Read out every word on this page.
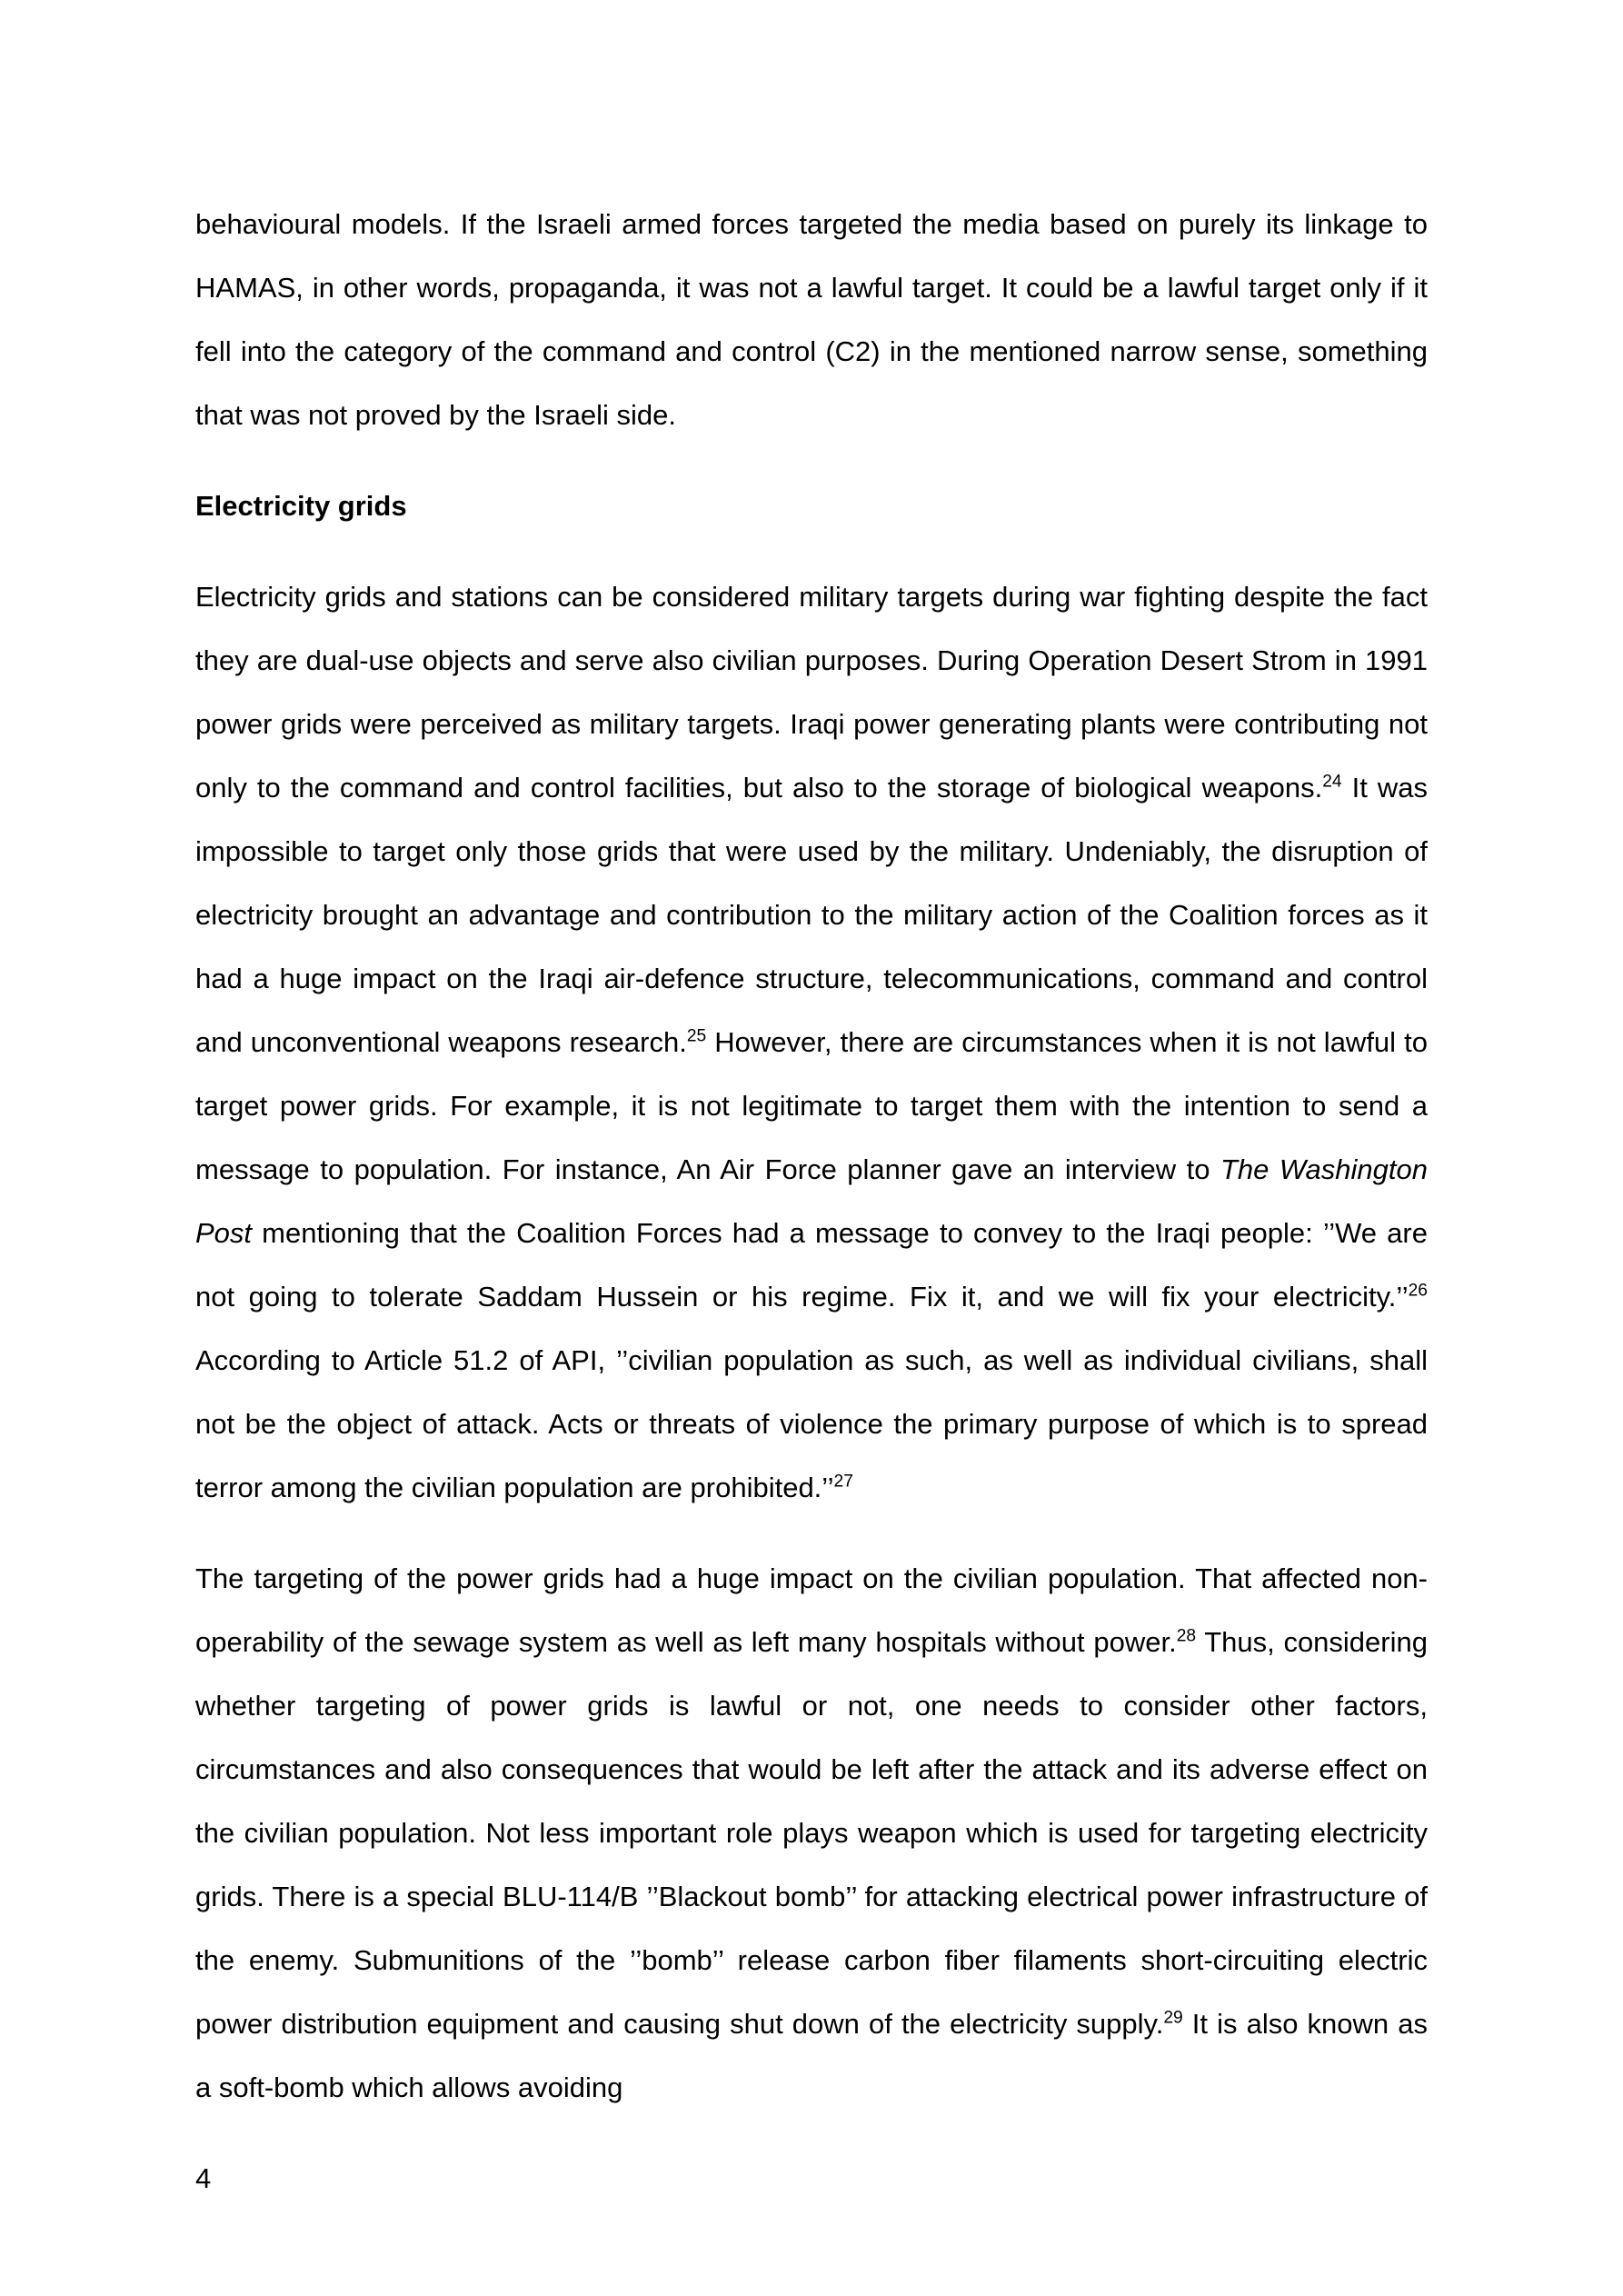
behavioural models. If the Israeli armed forces targeted the media based on purely its linkage to HAMAS, in other words, propaganda, it was not a lawful target. It could be a lawful target only if it fell into the category of the command and control (C2) in the mentioned narrow sense, something that was not proved by the Israeli side.

Electricity grids

Electricity grids and stations can be considered military targets during war fighting despite the fact they are dual-use objects and serve also civilian purposes. During Operation Desert Strom in 1991 power grids were perceived as military targets. Iraqi power generating plants were contributing not only to the command and control facilities, but also to the storage of biological weapons.$^{24}$ It was impossible to target only those grids that were used by the military. Undeniably, the disruption of electricity brought an advantage and contribution to the military action of the Coalition forces as it had a huge impact on the Iraqi air-defence structure, telecommunications, command and control and unconventional weapons research.$^{25}$ However, there are circumstances when it is not lawful to target power grids. For example, it is not legitimate to target them with the intention to send a message to population. For instance, An Air Force planner gave an interview to The Washington Post mentioning that the Coalition Forces had a message to convey to the Iraqi people: ’’We are not going to tolerate Saddam Hussein or his regime. Fix it, and we will fix your electricity.’’$^{26}$ According to Article 51.2 of API, ’’civilian population as such, as well as individual civilians, shall not be the object of attack. Acts or threats of violence the primary purpose of which is to spread terror among the civilian population are prohibited.’’$^{27}$

The targeting of the power grids had a huge impact on the civilian population. That affected non-operability of the sewage system as well as left many hospitals without power.$^{28}$ Thus, considering whether targeting of power grids is lawful or not, one needs to consider other factors, circumstances and also consequences that would be left after the attack and its adverse effect on the civilian population. Not less important role plays weapon which is used for targeting electricity grids. There is a special BLU-114/B ’’Blackout bomb’’ for attacking electrical power infrastructure of the enemy. Submunitions of the ’’bomb’’ release carbon fiber filaments short-circuiting electric power distribution equipment and causing shut down of the electricity supply.$^{29}$ It is also known as a soft-bomb which allows avoiding

4
